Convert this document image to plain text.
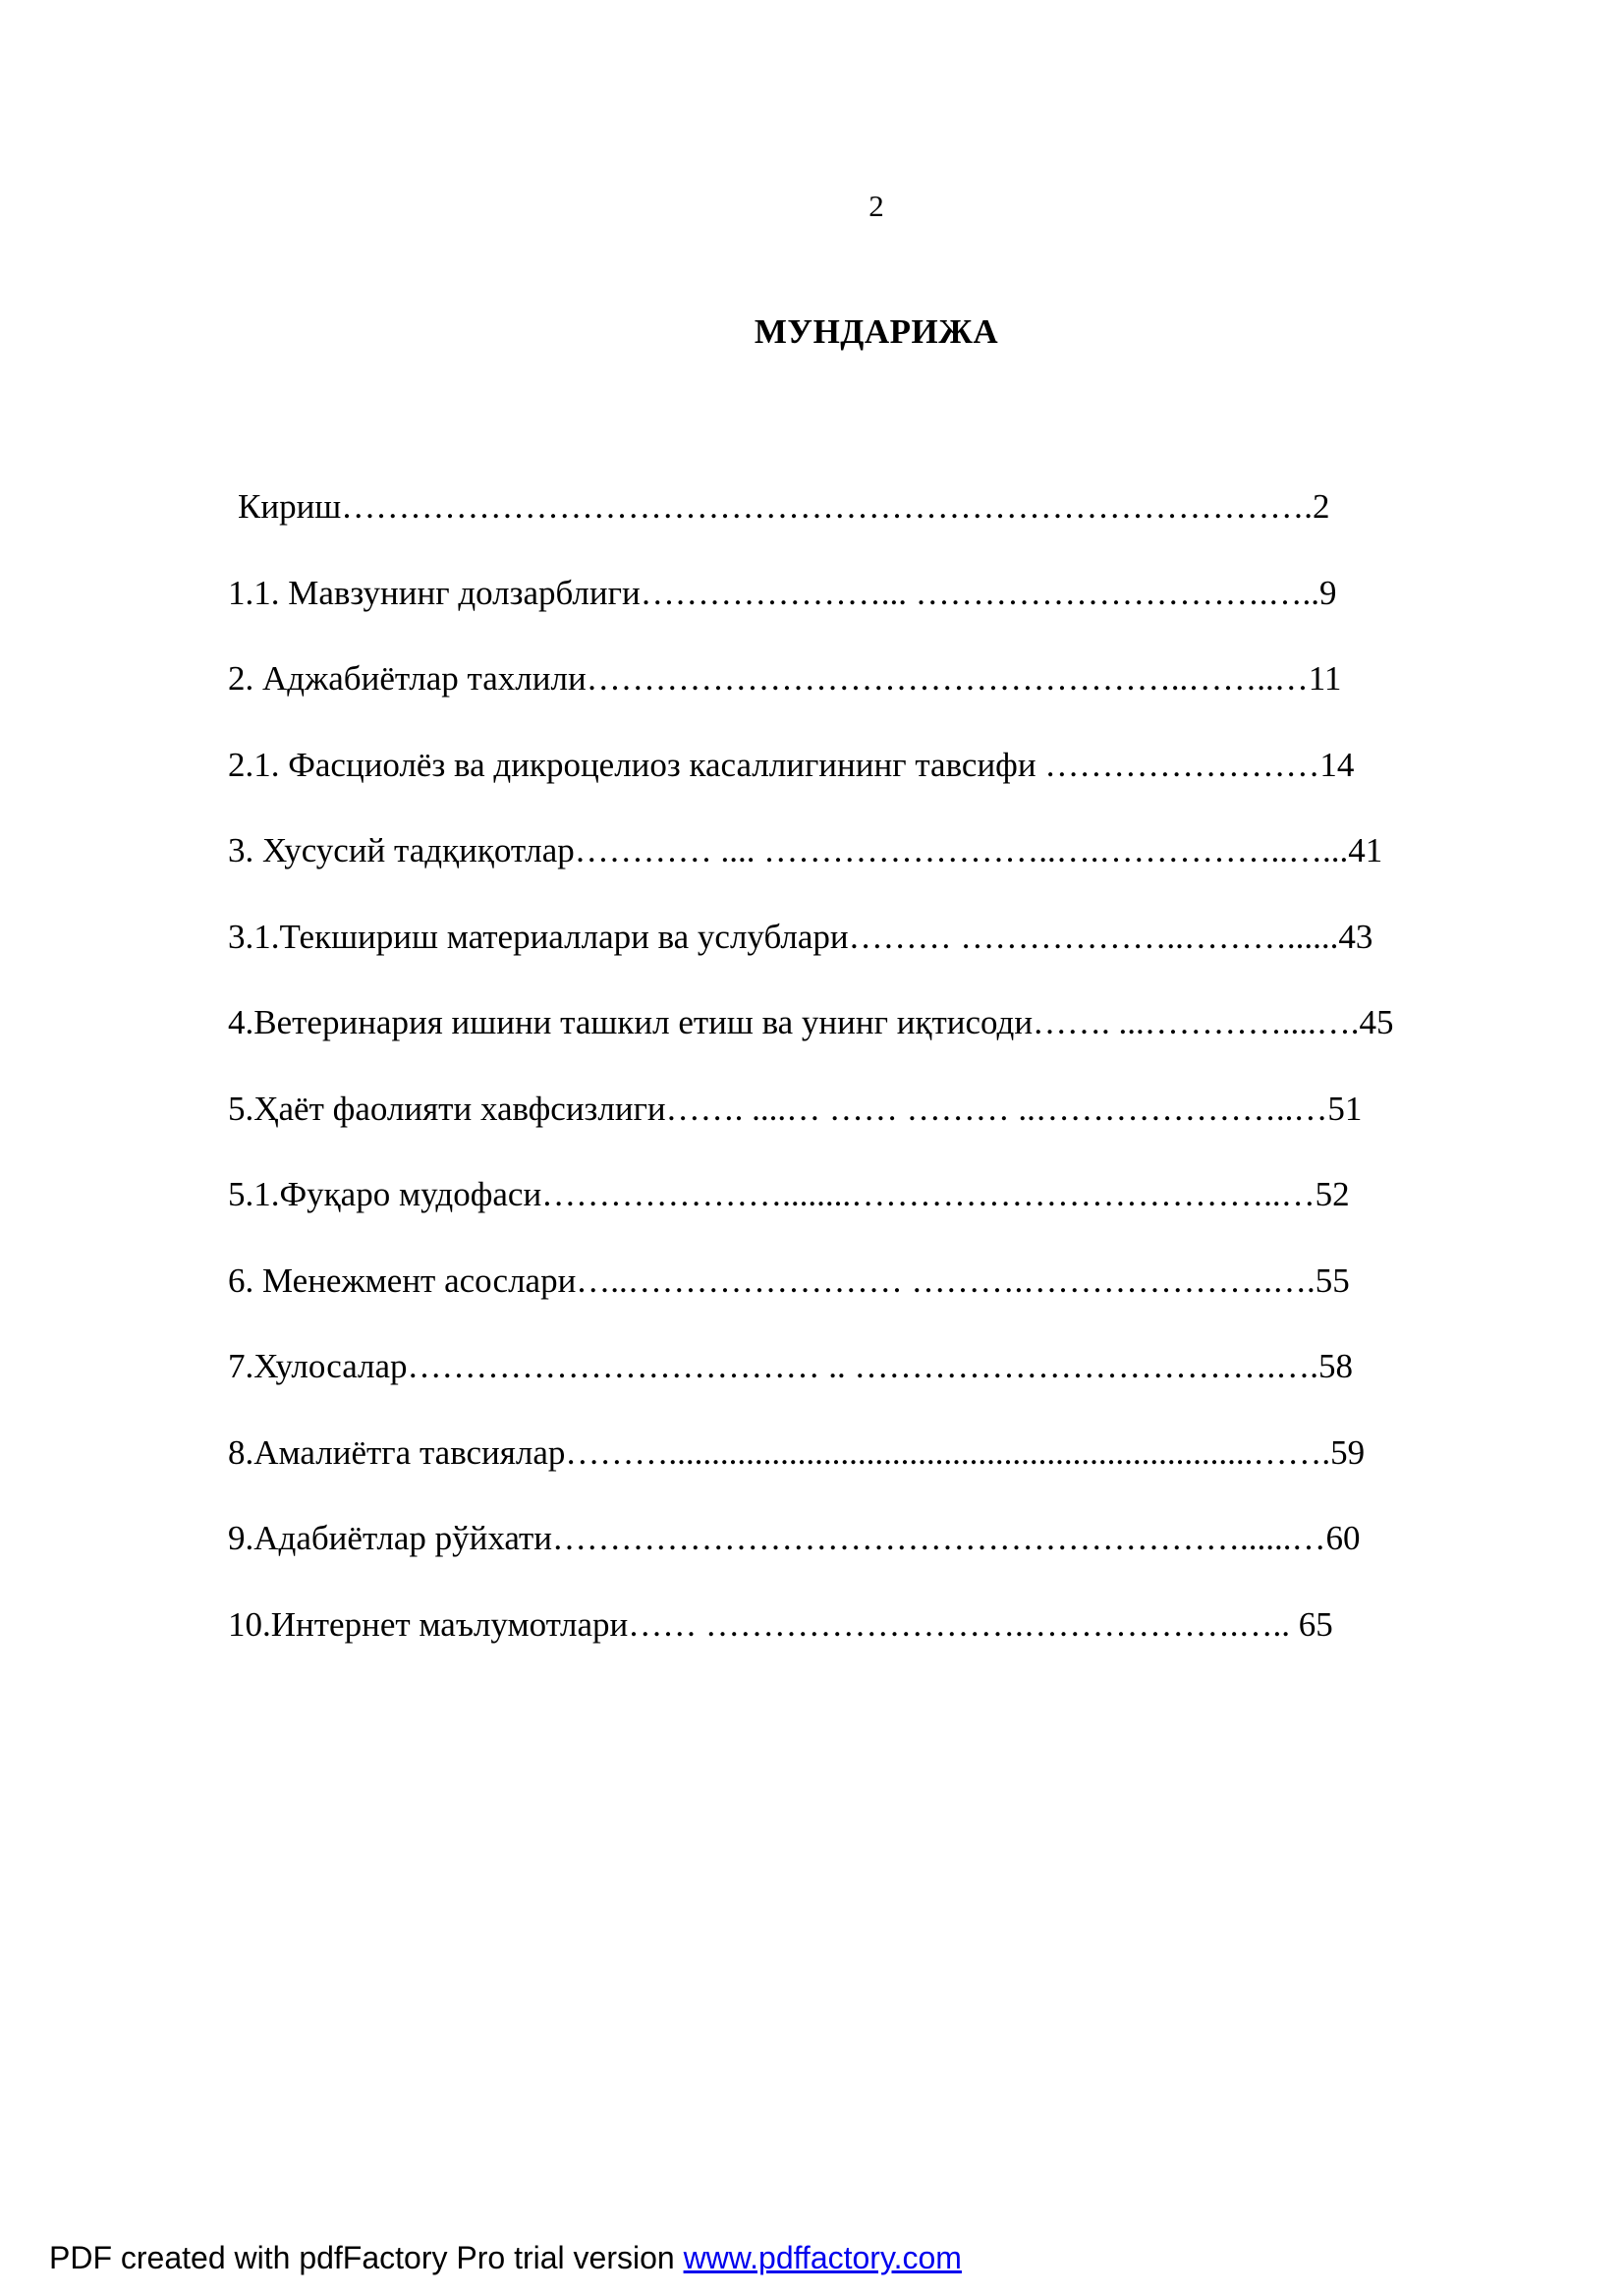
2
МУНДАРИЖА
Кириш………………………………………………………………………….2
1.1. Мавзунинг долзарблиги…………………... ………………………….…..9
2. Аджабиётлар тахлили……………………………………………..……..…11
2.1. Фасциолёз ва дикроцелиоз касаллигининг тавсифи ……………………14
3. Хусусий тадқиқотлар………… .... ……………………..….……………..…...41
3.1.Текшириш материаллари ва услублари……… ………………..………......43
4.Ветеринария ишини ташкил етиш ва унинг иқтисоди……. ...…………....….45
5.Ҳаёт фаолияти хавфсизлиги……. ....… …… ……… ..…………………..…51
5.1.Фуқаро мудофаси…………………........………………………………..…52
6. Менежмент асослари…..…………………… ……….………………….….55
7.Хулосалар……………………………… .. ……………………………….….58
8.Амалиётга тавсиялар………....................................................................…….59
9.Адабиётлар рўйхати……………………………………………………......…60
10.Интернет маълумотлари…… ……………………….……………….….. 65
PDF created with pdfFactory Pro trial version www.pdffactory.com
